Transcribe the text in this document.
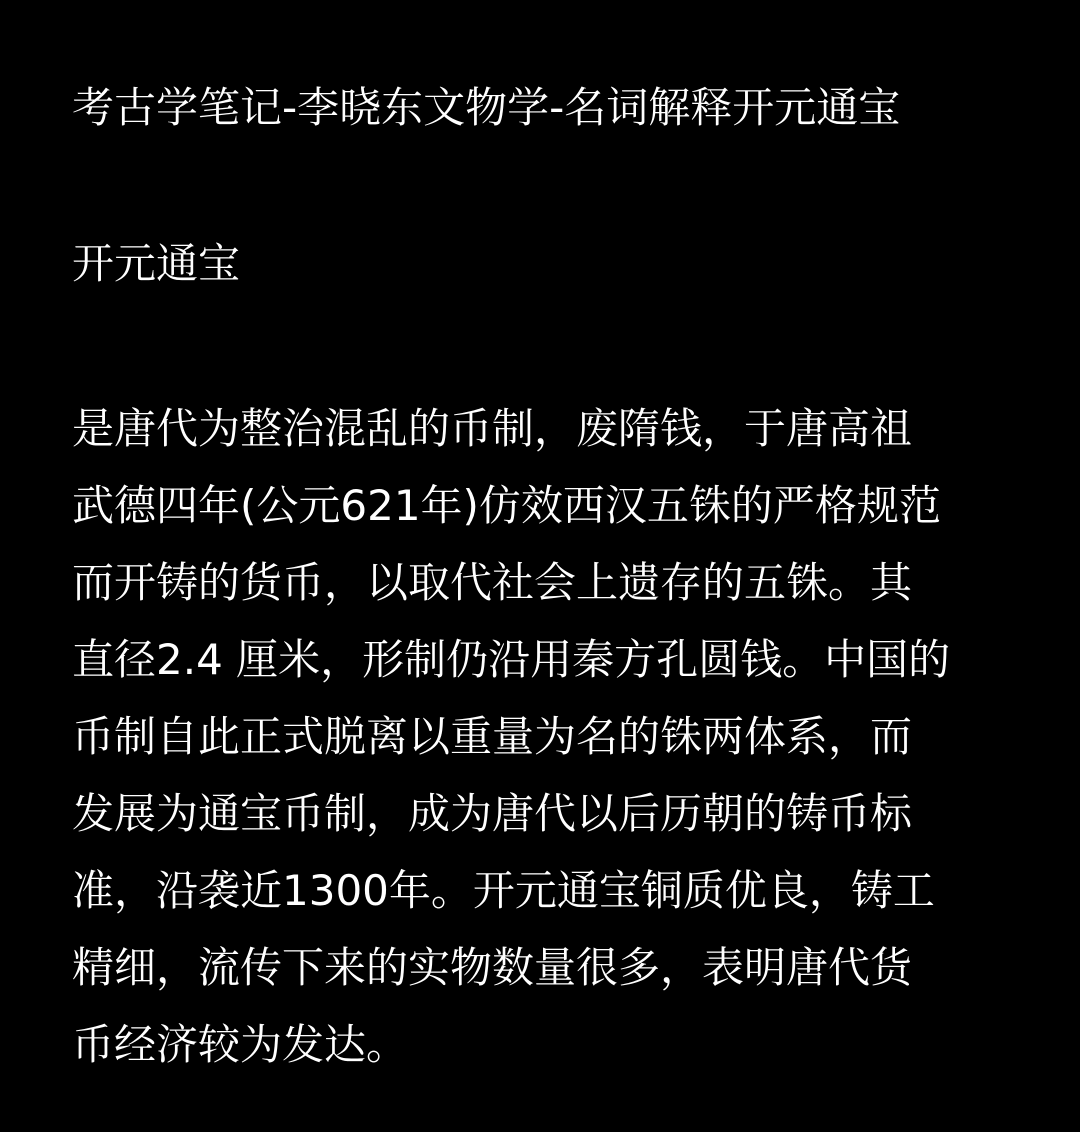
考古学笔记-李晓东文物学-名词解释开元通宝
开元通宝

是唐代为整治混乱的币制，废隋钱，于唐高祖

武德四年(公元621年)仿效西汉五铢的严格规范

而开铸的货币，以取代社会上遗存的五铢。其

直径2.4 厘米，形制仍沿用秦方孔圆钱。中国的

币制自此正式脱离以重量为名的铢两体系，而

发展为通宝币制，成为唐代以后历朝的铸币标

准，沿袭近1300年。开元通宝铜质优良，铸工

精细，流传下来的实物数量很多，表明唐代货

币经济较为发达。
